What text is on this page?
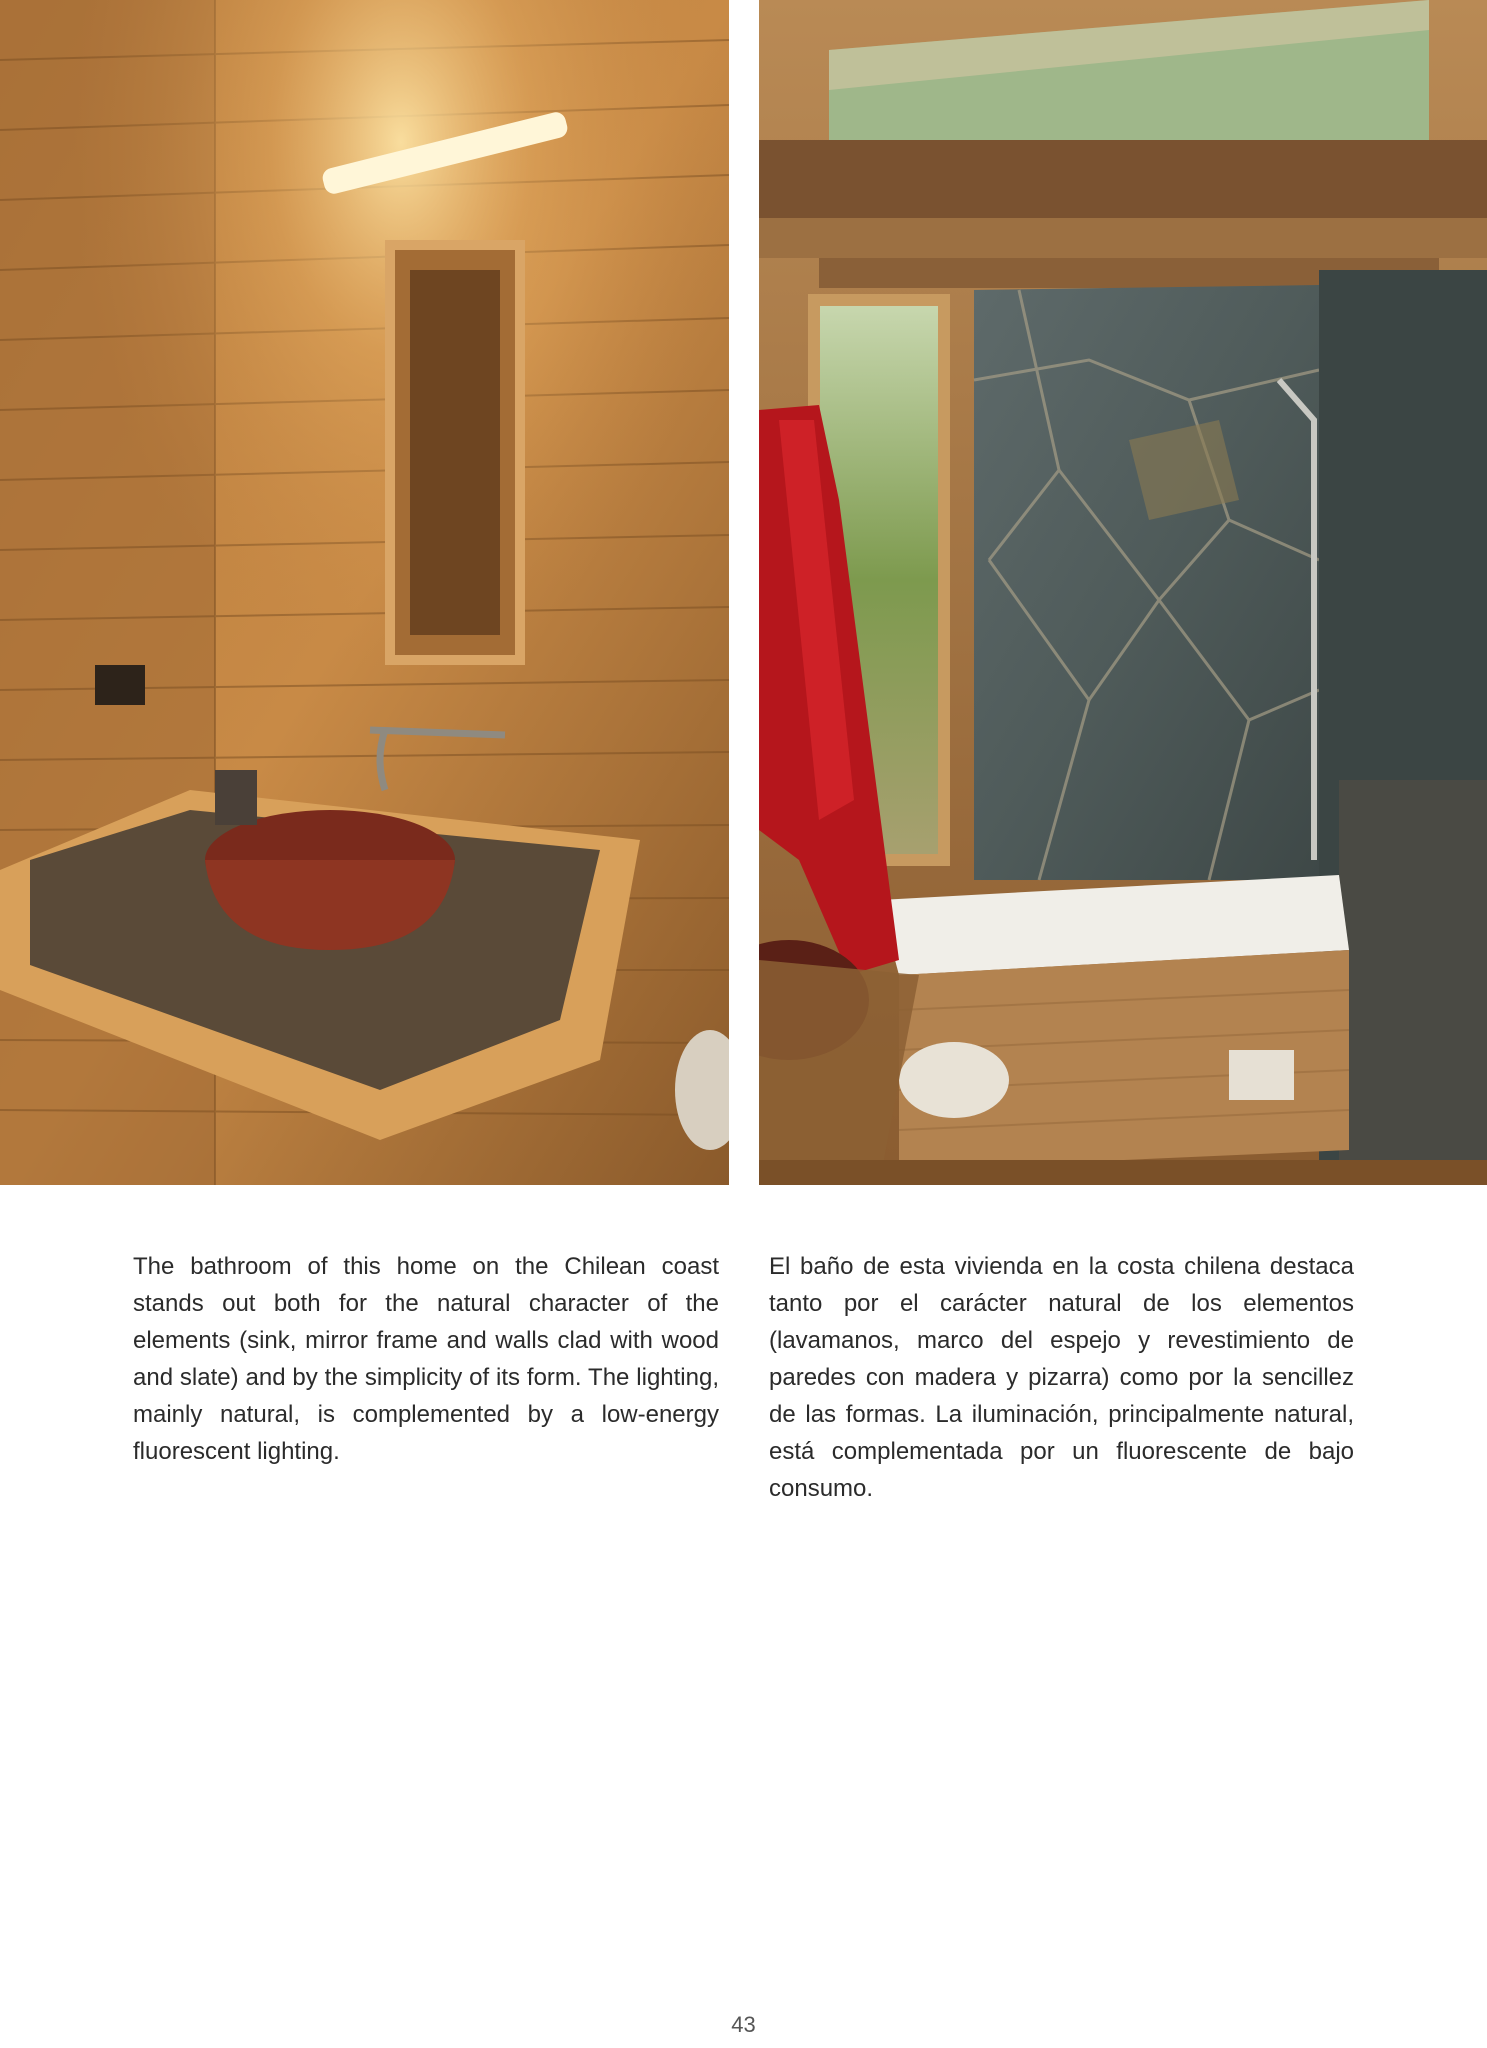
The bathroom of this home on the Chilean coast stands out both for the natural character of the elements (sink, mirror frame and walls clad with wood and slate) and by the simplicity of its form. The lighting, mainly natural, is complemented by a low-energy fluorescent lighting.

El baño de esta vivienda en la costa chilena destaca tanto por el carácter natural de los elementos (lavamanos, marco del espejo y revestimiento de paredes con madera y pizarra) como por la sencillez de las formas. La iluminación, principalmente natural, está complementada por un fluorescente de bajo consumo.

43
